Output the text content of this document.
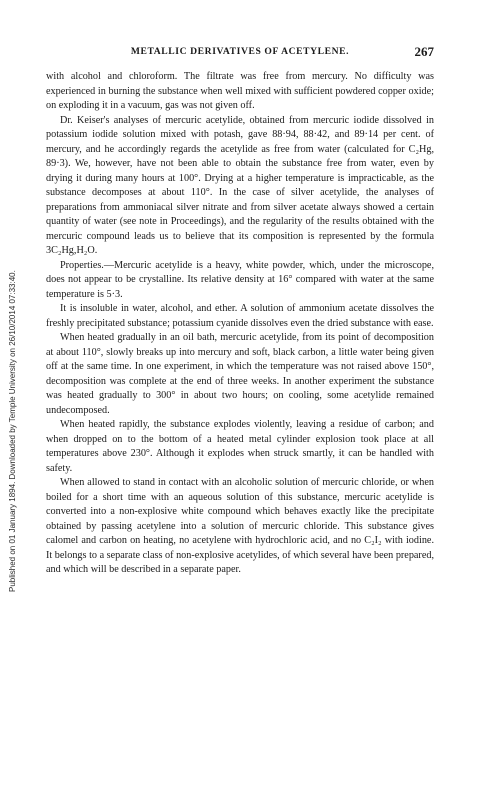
METALLIC DERIVATIVES OF ACETYLENE.	267
Published on 01 January 1894. Downloaded by Temple University on 26/10/2014 07:33:40.

with alcohol and chloroform. The filtrate was free from mercury. No difficulty was experienced in burning the substance when well mixed with sufficient powdered copper oxide; on exploding it in a vacuum, gas was not given off.

Dr. Keiser's analyses of mercuric acetylide, obtained from mercuric iodide dissolved in potassium iodide solution mixed with potash, gave 88·94, 88·42, and 89·14 per cent. of mercury, and he accordingly regards the acetylide as free from water (calculated for C₂Hg, 89·3). We, however, have not been able to obtain the substance free from water, even by drying it during many hours at 100°. Drying at a higher temperature is impracticable, as the substance decomposes at about 110°. In the case of silver acetylide, the analyses of preparations from ammoniacal silver nitrate and from silver acetate always showed a certain quantity of water (see note in Proceedings), and the regularity of the results obtained with the mercuric compound leads us to believe that its composition is represented by the formula 3C₂Hg,H₂O.

Properties.—Mercuric acetylide is a heavy, white powder, which, under the microscope, does not appear to be crystalline. Its relative density at 16° compared with water at the same temperature is 5·3.

It is insoluble in water, alcohol, and ether. A solution of ammonium acetate dissolves the freshly precipitated substance; potassium cyanide dissolves even the dried substance with ease.

When heated gradually in an oil bath, mercuric acetylide, from its point of decomposition at about 110°, slowly breaks up into mercury and soft, black carbon, a little water being given off at the same time. In one experiment, in which the temperature was not raised above 150°, decomposition was complete at the end of three weeks. In another experiment the substance was heated gradually to 300° in about two hours; on cooling, some acetylide remained undecomposed.

When heated rapidly, the substance explodes violently, leaving a residue of carbon; and when dropped on to the bottom of a heated metal cylinder explosion took place at all temperatures above 230°. Although it explodes when struck smartly, it can be handled with safety.

When allowed to stand in contact with an alcoholic solution of mercuric chloride, or when boiled for a short time with an aqueous solution of this substance, mercuric acetylide is converted into a non-explosive white compound which behaves exactly like the precipitate obtained by passing acetylene into a solution of mercuric chloride. This substance gives calomel and carbon on heating, no acetylene with hydrochloric acid, and no C₂I₂ with iodine. It belongs to a separate class of non-explosive acetylides, of which several have been prepared, and which will be described in a separate paper.
